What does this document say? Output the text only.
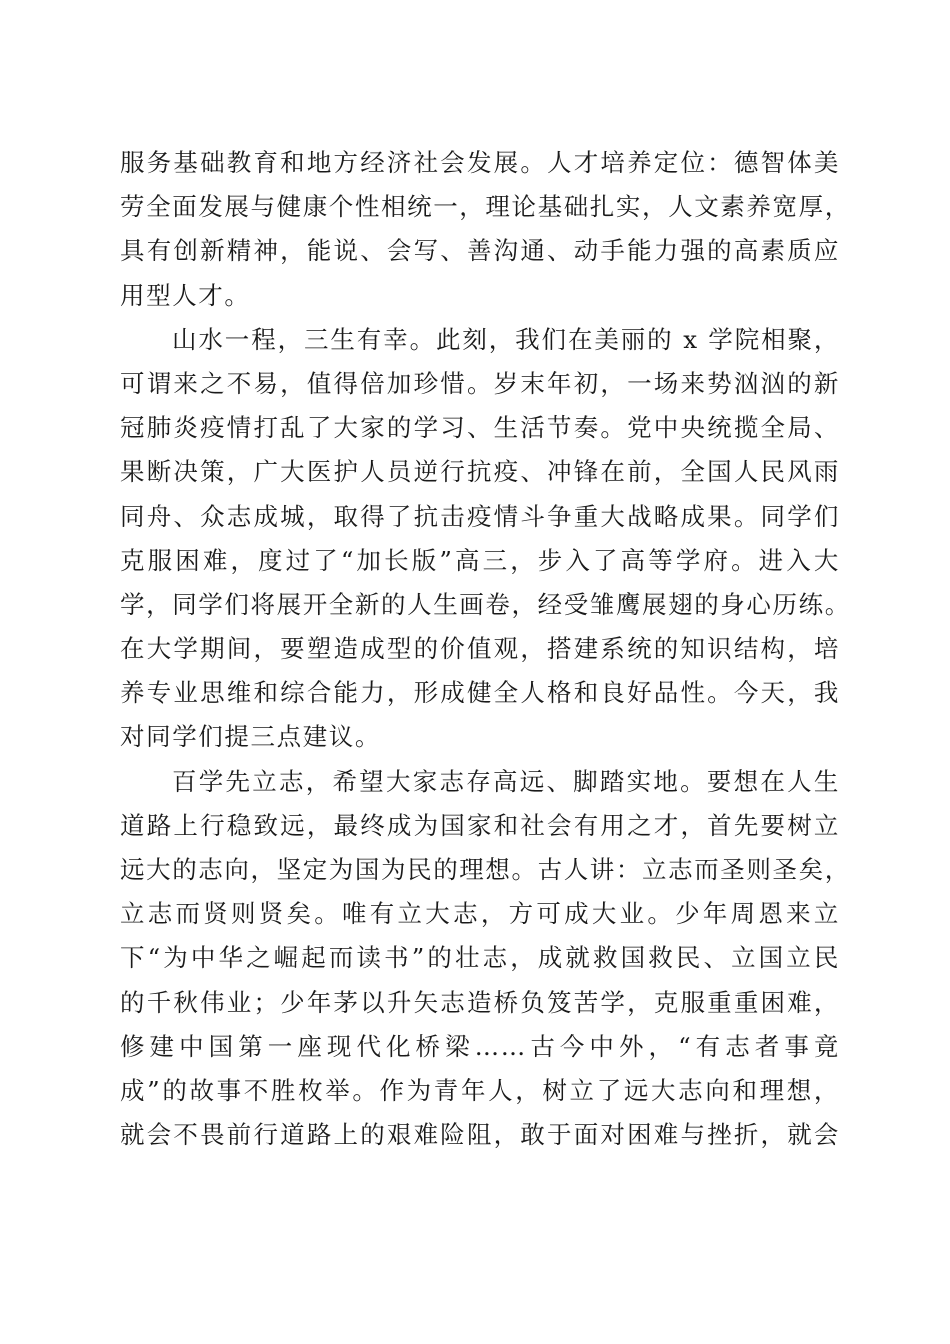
服务基础教育和地方经济社会发展。人才培养定位：德智体美
劳全面发展与健康个性相统一，理论基础扎实，人文素养宽厚，
具有创新精神，能说、会写、善沟通、动手能力强的高素质应
用型人才。
山水一程，三生有幸。此刻，我们在美丽的 x 学院相聚，
可谓来之不易，值得倍加珍惜。岁末年初，一场来势汹汹的新
冠肺炎疫情打乱了大家的学习、生活节奏。党中央统揽全局、
果断决策，广大医护人员逆行抗疫、冲锋在前，全国人民风雨
同舟、众志成城，取得了抗击疫情斗争重大战略成果。同学们
克服困难，度过了“加长版”高三，步入了高等学府。进入大
学，同学们将展开全新的人生画卷，经受雏鹰展翅的身心历练。
在大学期间，要塑造成型的价值观，搭建系统的知识结构，培
养专业思维和综合能力，形成健全人格和良好品性。今天，我
对同学们提三点建议。
百学先立志，希望大家志存高远、脚踏实地。要想在人生
道路上行稳致远，最终成为国家和社会有用之才，首先要树立
远大的志向，坚定为国为民的理想。古人讲：立志而圣则圣矣，
立志而贤则贤矣。唯有立大志，方可成大业。少年周恩来立
下“为中华之崛起而读书”的壮志，成就救国救民、立国立民
的千秋伟业；少年茅以升矢志造桥负笈苦学，克服重重困难，
修建中国第一座现代化桥梁……古今中外，“有志者事竟
成”的故事不胜枚举。作为青年人，树立了远大志向和理想，
就会不畏前行道路上的艰难险阻，敢于面对困难与挫折，就会
